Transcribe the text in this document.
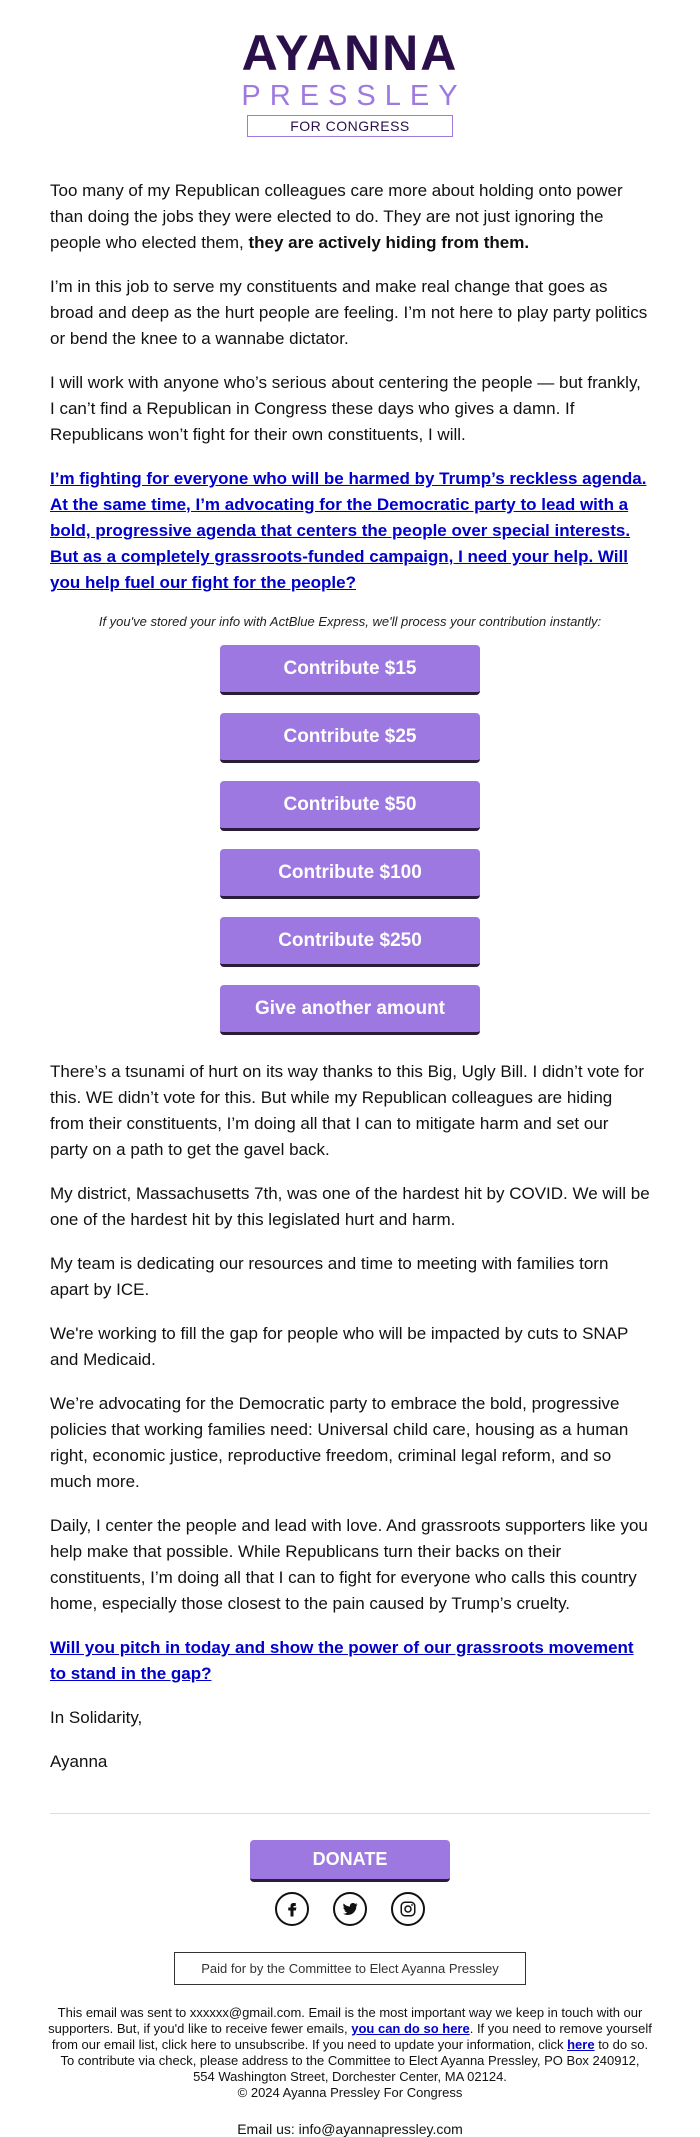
AYANNA
PRESSLEY
FOR CONGRESS

Too many of my Republican colleagues care more about holding onto power than doing the jobs they were elected to do. They are not just ignoring the people who elected them, they are actively hiding from them.

I’m in this job to serve my constituents and make real change that goes as broad and deep as the hurt people are feeling. I’m not here to play party politics or bend the knee to a wannabe dictator.

I will work with anyone who’s serious about centering the people — but frankly, I can’t find a Republican in Congress these days who gives a damn. If Republicans won’t fight for their own constituents, I will.

I’m fighting for everyone who will be harmed by Trump’s reckless agenda. At the same time, I’m advocating for the Democratic party to lead with a bold, progressive agenda that centers the people over special interests. But as a completely grassroots-funded campaign, I need your help. Will you help fuel our fight for the people?
If you've stored your info with ActBlue Express, we'll process your contribution instantly:
Contribute $15
Contribute $25
Contribute $50
Contribute $100
Contribute $250
Give another amount

There’s a tsunami of hurt on its way thanks to this Big, Ugly Bill. I didn’t vote for this. WE didn’t vote for this. But while my Republican colleagues are hiding from their constituents, I’m doing all that I can to mitigate harm and set our party on a path to get the gavel back.

My district, Massachusetts 7th, was one of the hardest hit by COVID. We will be one of the hardest hit by this legislated hurt and harm.

My team is dedicating our resources and time to meeting with families torn apart by ICE.

We're working to fill the gap for people who will be impacted by cuts to SNAP and Medicaid.

We’re advocating for the Democratic party to embrace the bold, progressive policies that working families need: Universal child care, housing as a human right, economic justice, reproductive freedom, criminal legal reform, and so much more.

Daily, I center the people and lead with love. And grassroots supporters like you help make that possible. While Republicans turn their backs on their constituents, I’m doing all that I can to fight for everyone who calls this country home, especially those closest to the pain caused by Trump’s cruelty.

Will you pitch in today and show the power of our grassroots movement to stand in the gap?

In Solidarity,

Ayanna

DONATE
Paid for by the Committee to Elect Ayanna Pressley
This email was sent to xxxxxx@gmail.com. Email is the most important way we keep in touch with our supporters. But, if you'd like to receive fewer emails, you can do so here. If you need to remove yourself from our email list, click here to unsubscribe. If you need to update your information, click here to do so. To contribute via check, please address to the Committee to Elect Ayanna Pressley, PO Box 240912, 554 Washington Street, Dorchester Center, MA 02124.
© 2024 Ayanna Pressley For Congress
Email us: info@ayannapressley.com
